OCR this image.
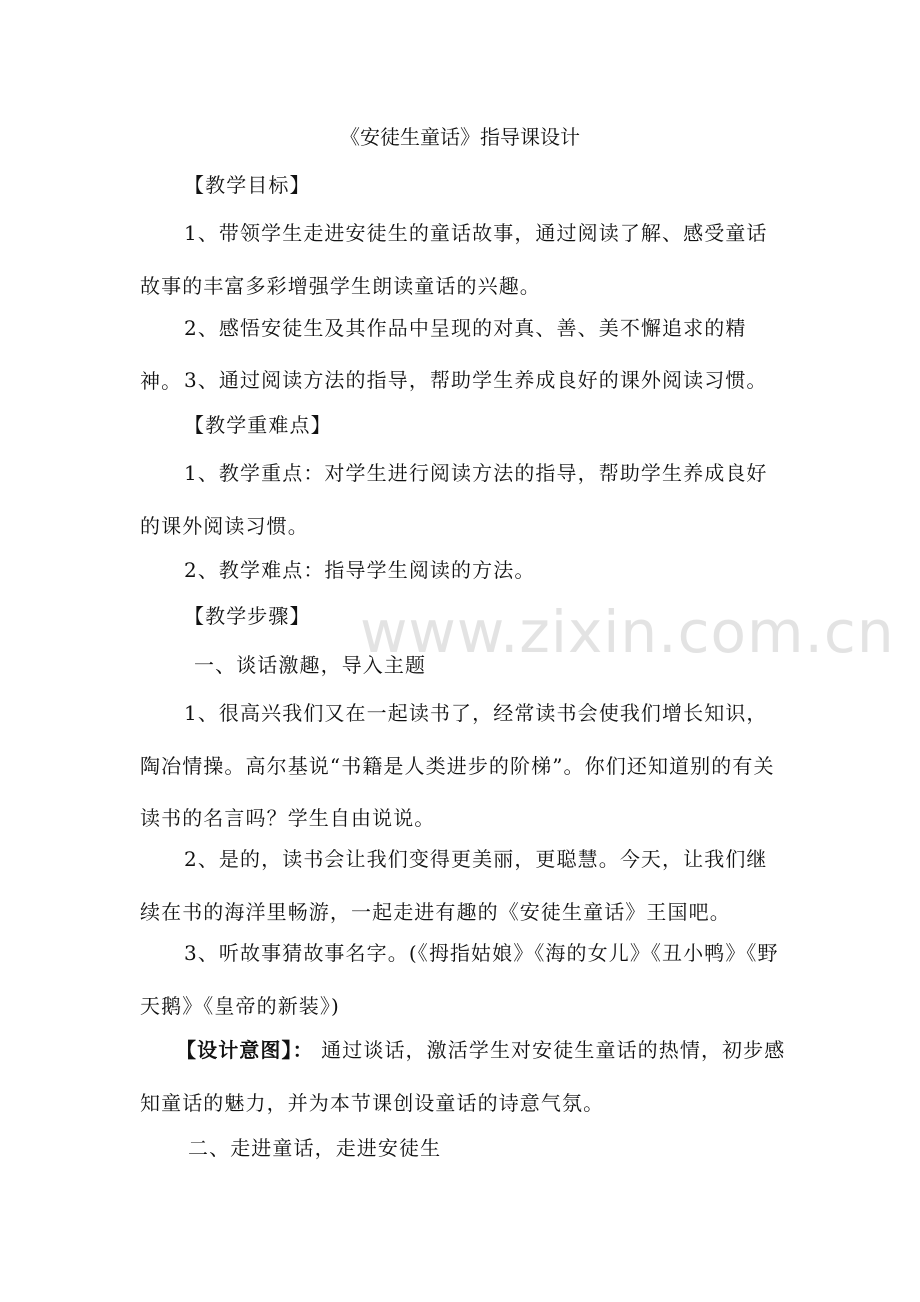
www.zixin.com.cn
《安徒生童话》指导课设计
【教学目标】
1、带领学生走进安徒生的童话故事，通过阅读了解、感受童话故事的丰富多彩增强学生朗读童话的兴趣。
2、感悟安徒生及其作品中呈现的对真、善、美不懈追求的精神。 3、通过阅读方法的指导，帮助学生养成良好的课外阅读习惯。
【教学重难点】
1、教学重点：对学生进行阅读方法的指导，帮助学生养成良好的课外阅读习惯。
2、教学难点：指导学生阅读的方法。
【教学步骤】
一、谈话激趣，导入主题
1、很高兴我们又在一起读书了，经常读书会使我们增长知识，陶冶情操。高尔基说“书籍是人类进步的阶梯”。你们还知道别的有关读书的名言吗？学生自由说说。
2、是的，读书会让我们变得更美丽，更聪慧。今天，让我们继续在书的海洋里畅游，一起走进有趣的《安徒生童话》王国吧。
3、听故事猜故事名字。(《拇指姑娘》《海的女儿》《丑小鸭》《野天鹅》《皇帝的新装》)
【设计意图】： 通过谈话，激活学生对安徒生童话的热情，初步感知童话的魅力，并为本节课创设童话的诗意气氛。
二、走进童话，走进安徒生
